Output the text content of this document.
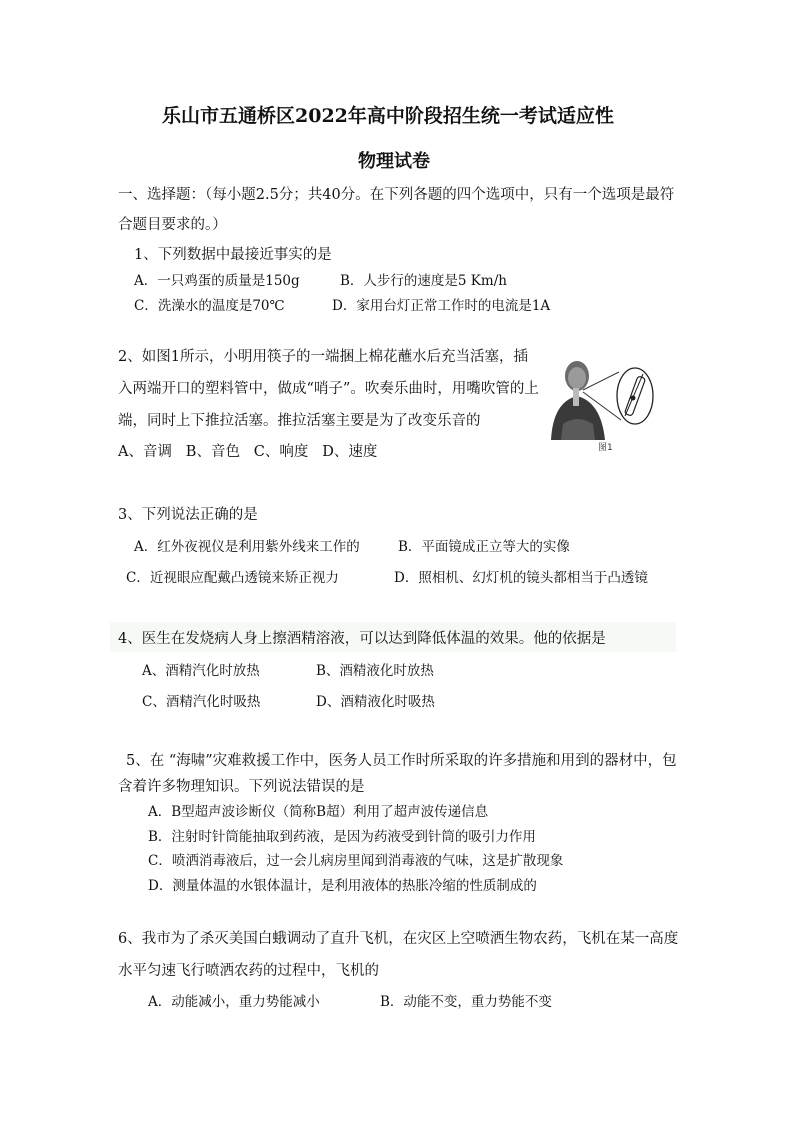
乐山市五通桥区2022年高中阶段招生统一考试适应性
物理试卷
一、选择题：（每小题2.5分；共40分。在下列各题的四个选项中，只有一个选项是最符
合题目要求的。）
1、下列数据中最接近事实的是
A．一只鸡蛋的质量是150g	B．人步行的速度是5 Km/h
C．洗澡水的温度是70℃	D．家用台灯正常工作时的电流是1A
2、如图1所示，小明用筷子的一端捆上棉花蘸水后充当活塞，插
入两端开口的塑料管中，做成“哨子”。吹奏乐曲时，用嘴吹管的上
端，同时上下推拉活塞。推拉活塞主要是为了改变乐音的
A、音调   B、音色   C、响度   D、速度	图1
3、下列说法正确的是
A．红外夜视仪是利用紫外线来工作的	B．平面镜成正立等大的实像
C．近视眼应配戴凸透镜来矫正视力	D．照相机、幻灯机的镜头都相当于凸透镜
4、医生在发烧病人身上擦酒精溶液，可以达到降低体温的效果。他的依据是
A、酒精汽化时放热	B、酒精液化时放热
C、酒精汽化时吸热	D、酒精液化时吸热
5、在 “海啸”灾难救援工作中，医务人员工作时所采取的许多措施和用到的器材中，包
含着许多物理知识。下列说法错误的是
A．B型超声波诊断仪（简称B超）利用了超声波传递信息
B．注射时针筒能抽取到药液，是因为药液受到针筒的吸引力作用
C．喷洒消毒液后，过一会儿病房里闻到消毒液的气味，这是扩散现象
D．测量体温的水银体温计，是利用液体的热胀冷缩的性质制成的
6、我市为了杀灭美国白蛾调动了直升飞机，在灾区上空喷洒生物农药，飞机在某一高度
水平匀速飞行喷洒农药的过程中，飞机的
A．动能减小，重力势能减小	B．动能不变，重力势能不变
